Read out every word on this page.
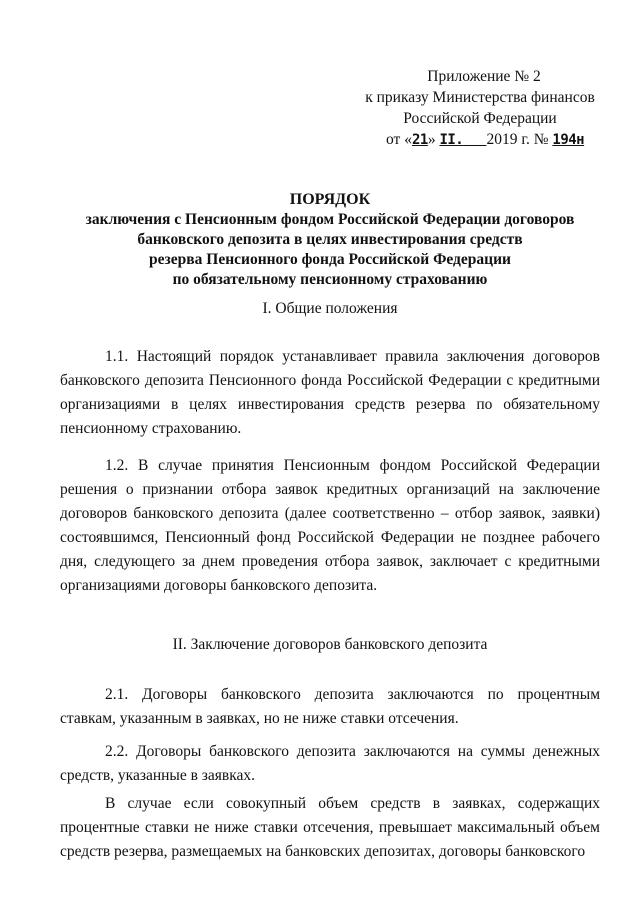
Приложение № 2
к приказу Министерства финансов
Российской Федерации
от «21» II. 2019 г. № 194н
ПОРЯДОК
заключения с Пенсионным фондом Российской Федерации договоров
банковского депозита в целях инвестирования средств
резерва Пенсионного фонда Российской Федерации
по обязательному пенсионному страхованию
I. Общие положения

1.1. Настоящий порядок устанавливает правила заключения договоров банковского депозита Пенсионного фонда Российской Федерации с кредитными организациями в целях инвестирования средств резерва по обязательному пенсионному страхованию.

1.2. В случае принятия Пенсионным фондом Российской Федерации решения о признании отбора заявок кредитных организаций на заключение договоров банковского депозита (далее соответственно – отбор заявок, заявки) состоявшимся, Пенсионный фонд Российской Федерации не позднее рабочего дня, следующего за днем проведения отбора заявок, заключает с кредитными организациями договоры банковского депозита.

II. Заключение договоров банковского депозита

2.1. Договоры банковского депозита заключаются по процентным ставкам, указанным в заявках, но не ниже ставки отсечения.

2.2. Договоры банковского депозита заключаются на суммы денежных средств, указанные в заявках.

В случае если совокупный объем средств в заявках, содержащих процентные ставки не ниже ставки отсечения, превышает максимальный объем средств резерва, размещаемых на банковских депозитах, договоры банковского
